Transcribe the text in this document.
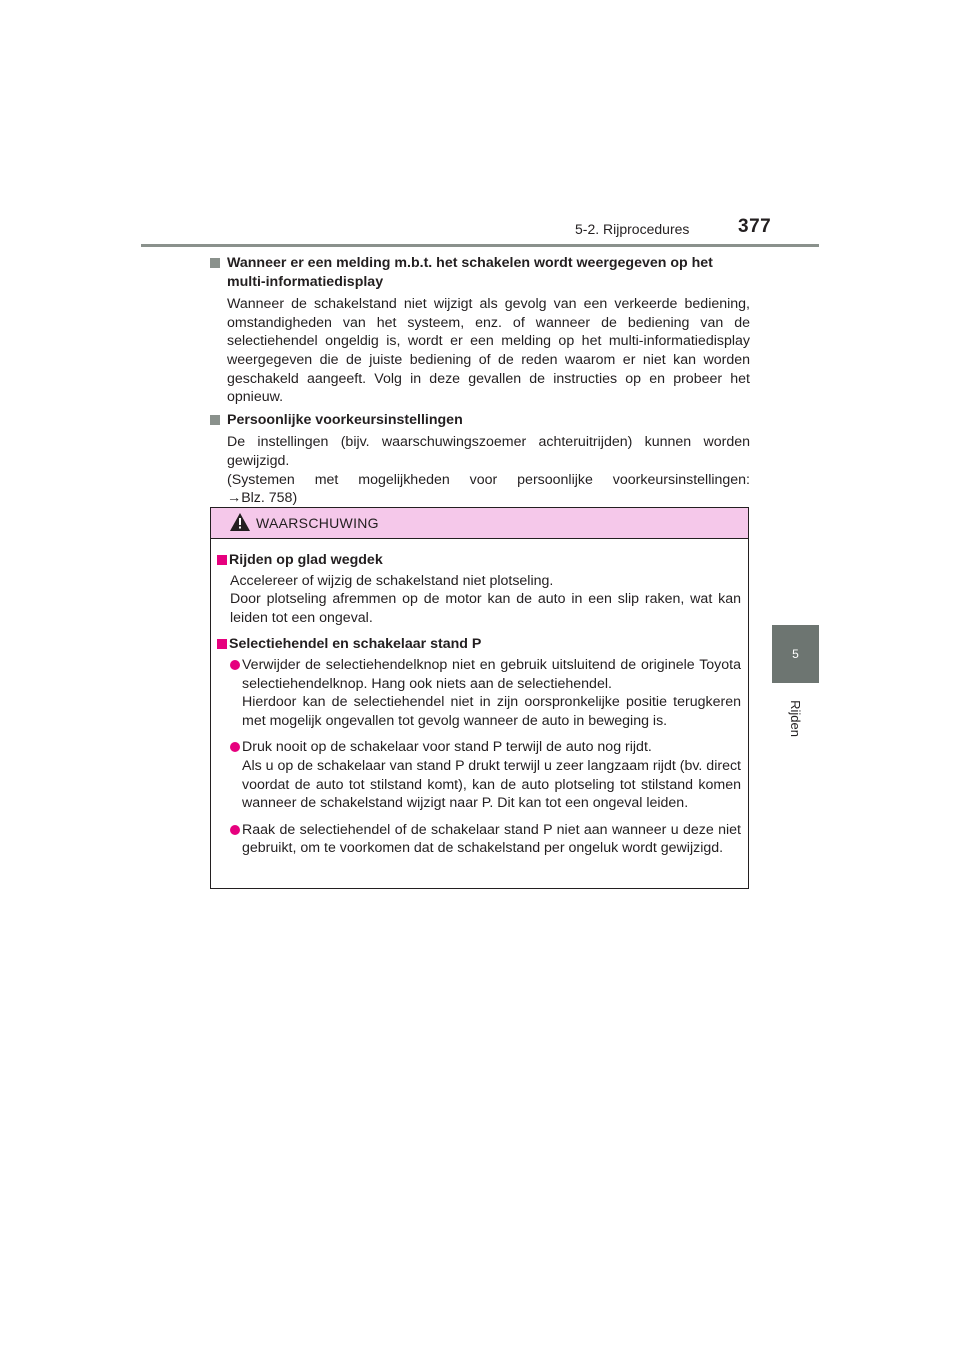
5-2. Rijprocedures	377
5
Rijden
Wanneer er een melding m.b.t. het schakelen wordt weergegeven op het multi-informatiedisplay
Wanneer de schakelstand niet wijzigt als gevolg van een verkeerde bediening, omstandigheden van het systeem, enz. of wanneer de bediening van de selectiehendel ongeldig is, wordt er een melding op het multi-informatiedisplay weergegeven die de juiste bediening of de reden waarom er niet kan worden geschakeld aangeeft. Volg in deze gevallen de instructies op en probeer het opnieuw.
Persoonlijke voorkeursinstellingen
De instellingen (bijv. waarschuwingszoemer achteruitrijden) kunnen worden gewijzigd.
(Systemen met mogelijkheden voor persoonlijke voorkeursinstellingen:
→Blz. 758)
WAARSCHUWING
Rijden op glad wegdek
Accelereer of wijzig de schakelstand niet plotseling.
Door plotseling afremmen op de motor kan de auto in een slip raken, wat kan leiden tot een ongeval.
Selectiehendel en schakelaar stand P
Verwijder de selectiehendelknop niet en gebruik uitsluitend de originele Toyota selectiehendelknop. Hang ook niets aan de selectiehendel.
Hierdoor kan de selectiehendel niet in zijn oorspronkelijke positie terugkeren met mogelijk ongevallen tot gevolg wanneer de auto in beweging is.
Druk nooit op de schakelaar voor stand P terwijl de auto nog rijdt.
Als u op de schakelaar van stand P drukt terwijl u zeer langzaam rijdt (bv. direct voordat de auto tot stilstand komt), kan de auto plotseling tot stilstand komen wanneer de schakelstand wijzigt naar P. Dit kan tot een ongeval leiden.
Raak de selectiehendel of de schakelaar stand P niet aan wanneer u deze niet gebruikt, om te voorkomen dat de schakelstand per ongeluk wordt gewijzigd.
